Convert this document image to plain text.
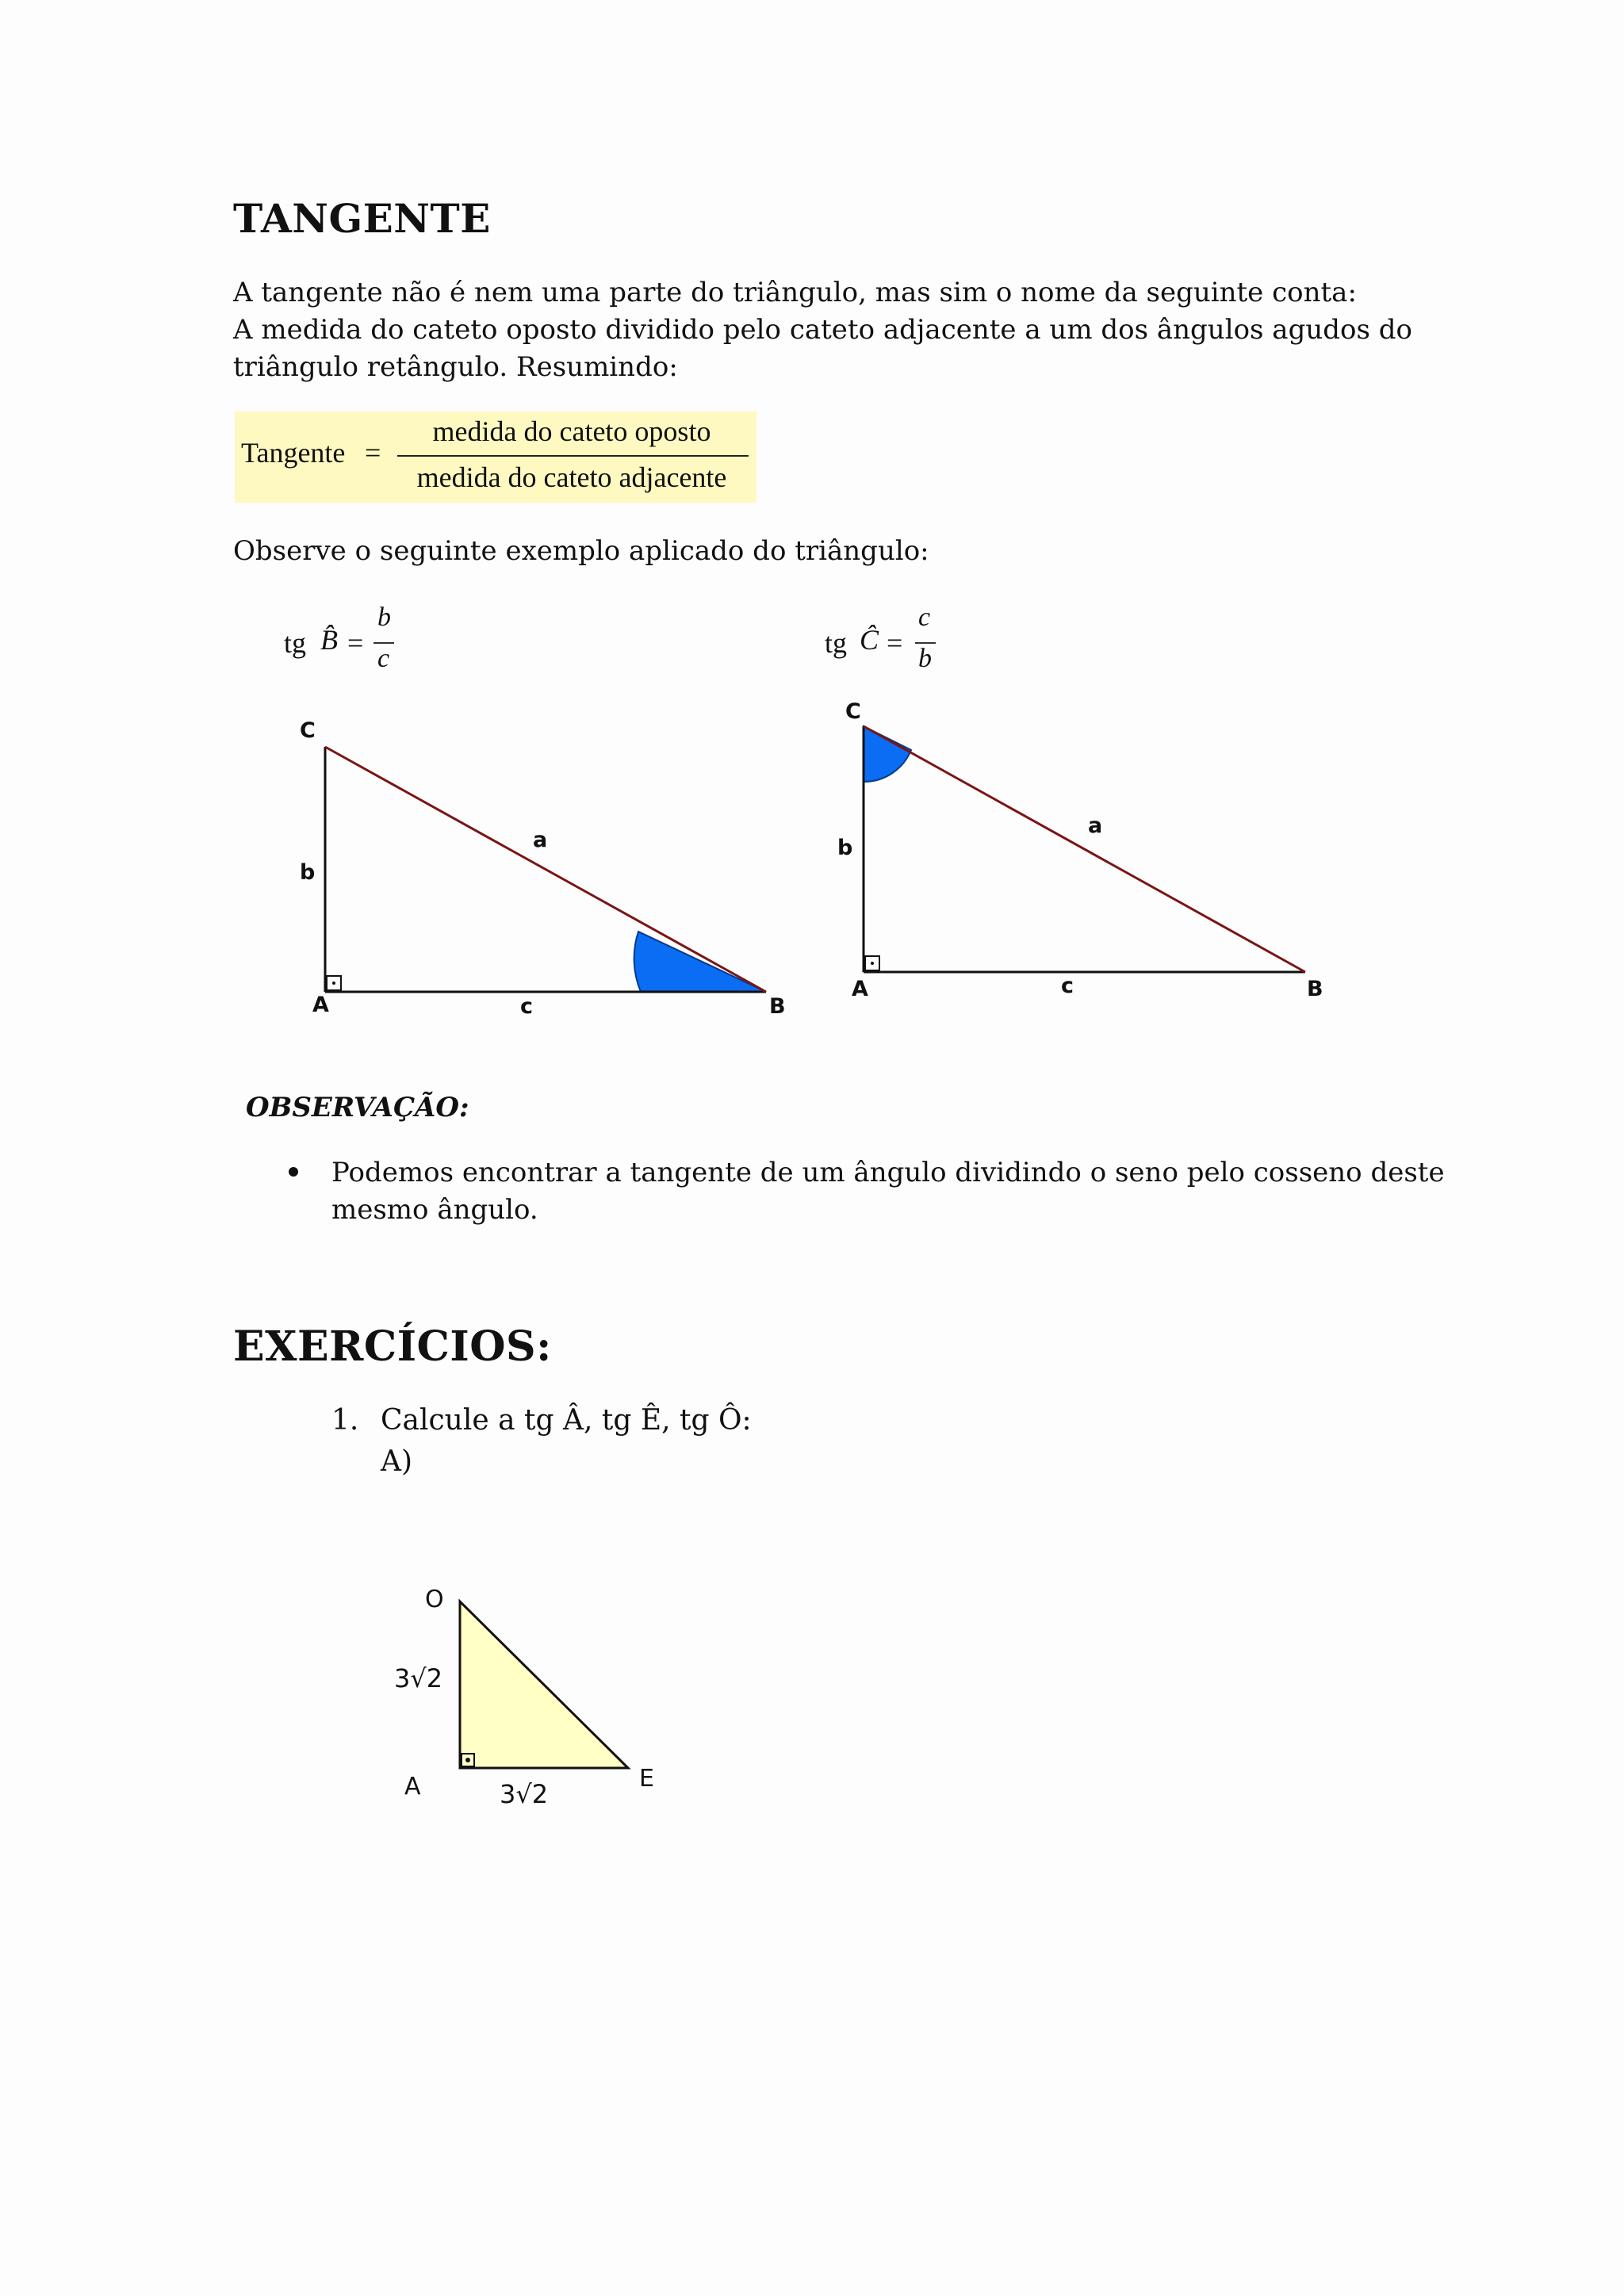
TANGENTE
A tangente não é nem uma parte do triângulo, mas sim o nome da seguinte conta:
A medida do cateto oposto dividido pelo cateto adjacente a um dos ângulos agudos do
triângulo retângulo. Resumindo:
Tangente =
medida do cateto oposto
medida do cateto adjacente
Observe o seguinte exemplo aplicado do triângulo:
tg B̂ =
b
c	tg Ĉ =
c
b
C
b
a
A	c	B
C
b
a
A	c	B
OBSERVAÇÃO:
Podemos encontrar a tangente de um ângulo dividindo o seno pelo cosseno deste
mesmo ângulo.
EXERCÍCIOS:
1. Calcule a tg Â, tg Ê, tg Ô:
A)
O
A	E
3√2
3√2
